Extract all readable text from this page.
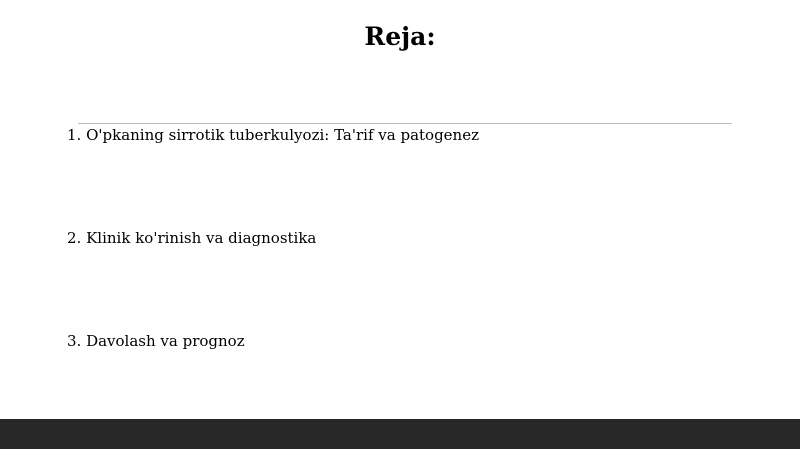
Reja:

1. O'pkaning sirrotik tuberkulyozi: Ta'rif va patogenez

2. Klinik ko'rinish va diagnostika

3. Davolash va prognoz
